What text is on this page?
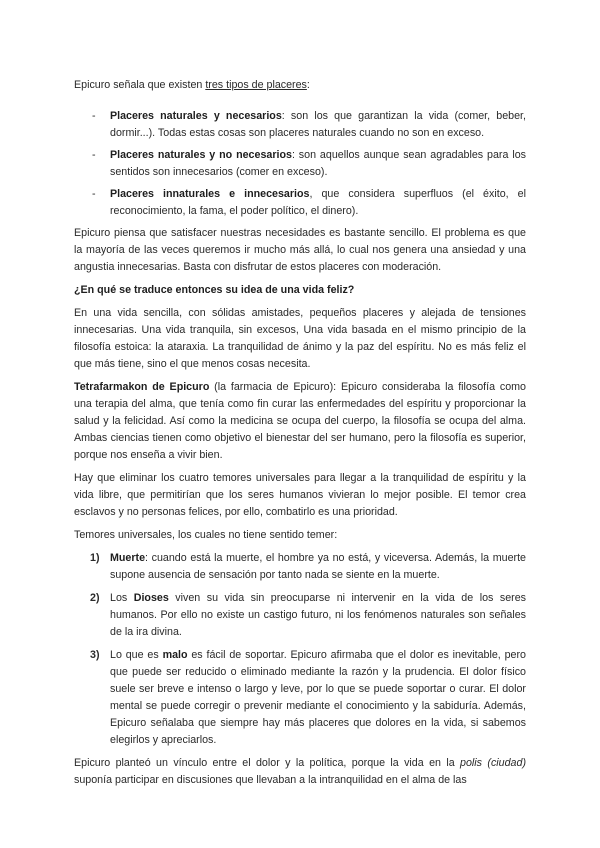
Epicuro señala que existen tres tipos de placeres:

- Placeres naturales y necesarios: son los que garantizan la vida (comer, beber, dormir...). Todas estas cosas son placeres naturales cuando no son en exceso.
- Placeres naturales y no necesarios: son aquellos aunque sean agradables para los sentidos son innecesarios (comer en exceso).
- Placeres innaturales e innecesarios, que considera superfluos (el éxito, el reconocimiento, la fama, el poder político, el dinero).

Epicuro piensa que satisfacer nuestras necesidades es bastante sencillo. El problema es que la mayoría de las veces queremos ir mucho más allá, lo cual nos genera una ansiedad y una angustia innecesarias. Basta con disfrutar de estos placeres con moderación.

¿En qué se traduce entonces su idea de una vida feliz?

En una vida sencilla, con sólidas amistades, pequeños placeres y alejada de tensiones innecesarias. Una vida tranquila, sin excesos, Una vida basada en el mismo principio de la filosofía estoica: la ataraxia. La tranquilidad de ánimo y la paz del espíritu. No es más feliz el que más tiene, sino el que menos cosas necesita.

Tetrafarmakon de Epicuro (la farmacia de Epicuro): Epicuro consideraba la filosofía como una terapia del alma, que tenía como fin curar las enfermedades del espíritu y proporcionar la salud y la felicidad. Así como la medicina se ocupa del cuerpo, la filosofía se ocupa del alma. Ambas ciencias tienen como objetivo el bienestar del ser humano, pero la filosofía es superior, porque nos enseña a vivir bien.

Hay que eliminar los cuatro temores universales para llegar a la tranquilidad de espíritu y la vida libre, que permitirían que los seres humanos vivieran lo mejor posible. El temor crea esclavos y no personas felices, por ello, combatirlo es una prioridad.

Temores universales, los cuales no tiene sentido temer:

1) Muerte: cuando está la muerte, el hombre ya no está, y viceversa. Además, la muerte supone ausencia de sensación por tanto nada se siente en la muerte.
2) Los Dioses viven su vida sin preocuparse ni intervenir en la vida de los seres humanos. Por ello no existe un castigo futuro, ni los fenómenos naturales son señales de la ira divina.
3) Lo que es malo es fácil de soportar. Epicuro afirmaba que el dolor es inevitable, pero que puede ser reducido o eliminado mediante la razón y la prudencia. El dolor físico suele ser breve e intenso o largo y leve, por lo que se puede soportar o curar. El dolor mental se puede corregir o prevenir mediante el conocimiento y la sabiduría. Además, Epicuro señalaba que siempre hay más placeres que dolores en la vida, si sabemos elegirlos y apreciarlos.

Epicuro planteó un vínculo entre el dolor y la política, porque la vida en la polis (ciudad) suponía participar en discusiones que llevaban a la intranquilidad en el alma de las
